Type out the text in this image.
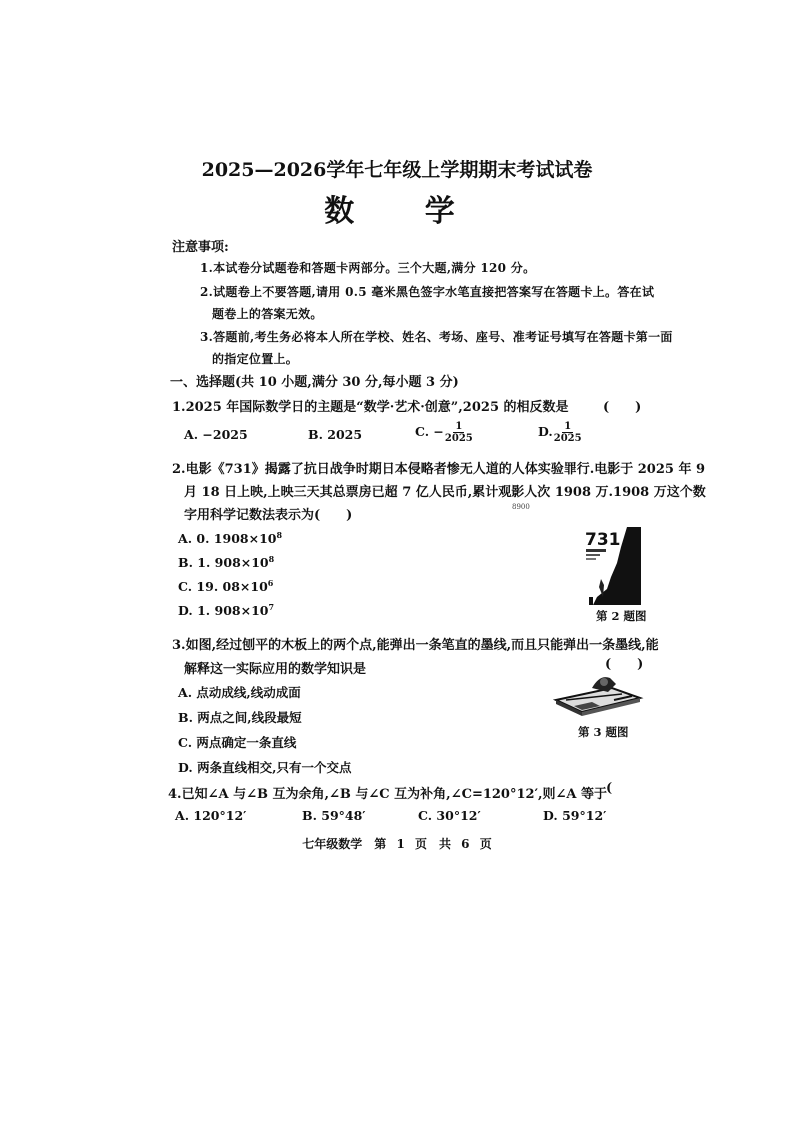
2025—2026学年七年级上学期期末考试试卷
数 学
注意事项:
1.本试卷分试题卷和答题卡两部分。三个大题,满分 120 分。
2.试题卷上不要答题,请用 0.5 毫米黑色签字水笔直接把答案写在答题卡上。答在试
题卷上的答案无效。
3.答题前,考生务必将本人所在学校、姓名、考场、座号、准考证号填写在答题卡第一面
的指定位置上。
一、选择题(共 10 小题,满分 30 分,每小题 3 分)
1.2025 年国际数学日的主题是“数学·艺术·创意”,2025 的相反数是	(　　)
A. −2025	B. 2025	C. − $\frac{1}{2025}$	D. $\frac{1}{2025}$
2.电影《731》揭露了抗日战争时期日本侵略者惨无人道的人体实验罪行.电影于 2025 年 9
月 18 日上映,上映三天其总票房已超 7 亿人民币,累计观影人次 1908 万.1908 万这个数
字用科学记数法表示为(　　)
8900
A. 0. $1908\times 10^8$
B. 1. $908\times 10^8$
C. 19. $08\times 10^6$
D. 1. $908\times 10^7$
731
第 2 题图
3.如图,经过刨平的木板上的两个点,能弹出一条笔直的墨线,而且只能弹出一条墨线,能
解释这一实际应用的数学知识是	(　　)
A. 点动成线,线动成面
B. 两点之间,线段最短
C. 两点确定一条直线
D. 两条直线相交,只有一个交点
第 3 题图
4.已知∠A 与∠B 互为余角,∠B 与∠C 互为补角,∠C=120°12′,则∠A 等于
(
A. 120°12′	B. 59°48′	C. 30°12′	D. 59°12′
七年级数学　第 1 页　共 6 页
